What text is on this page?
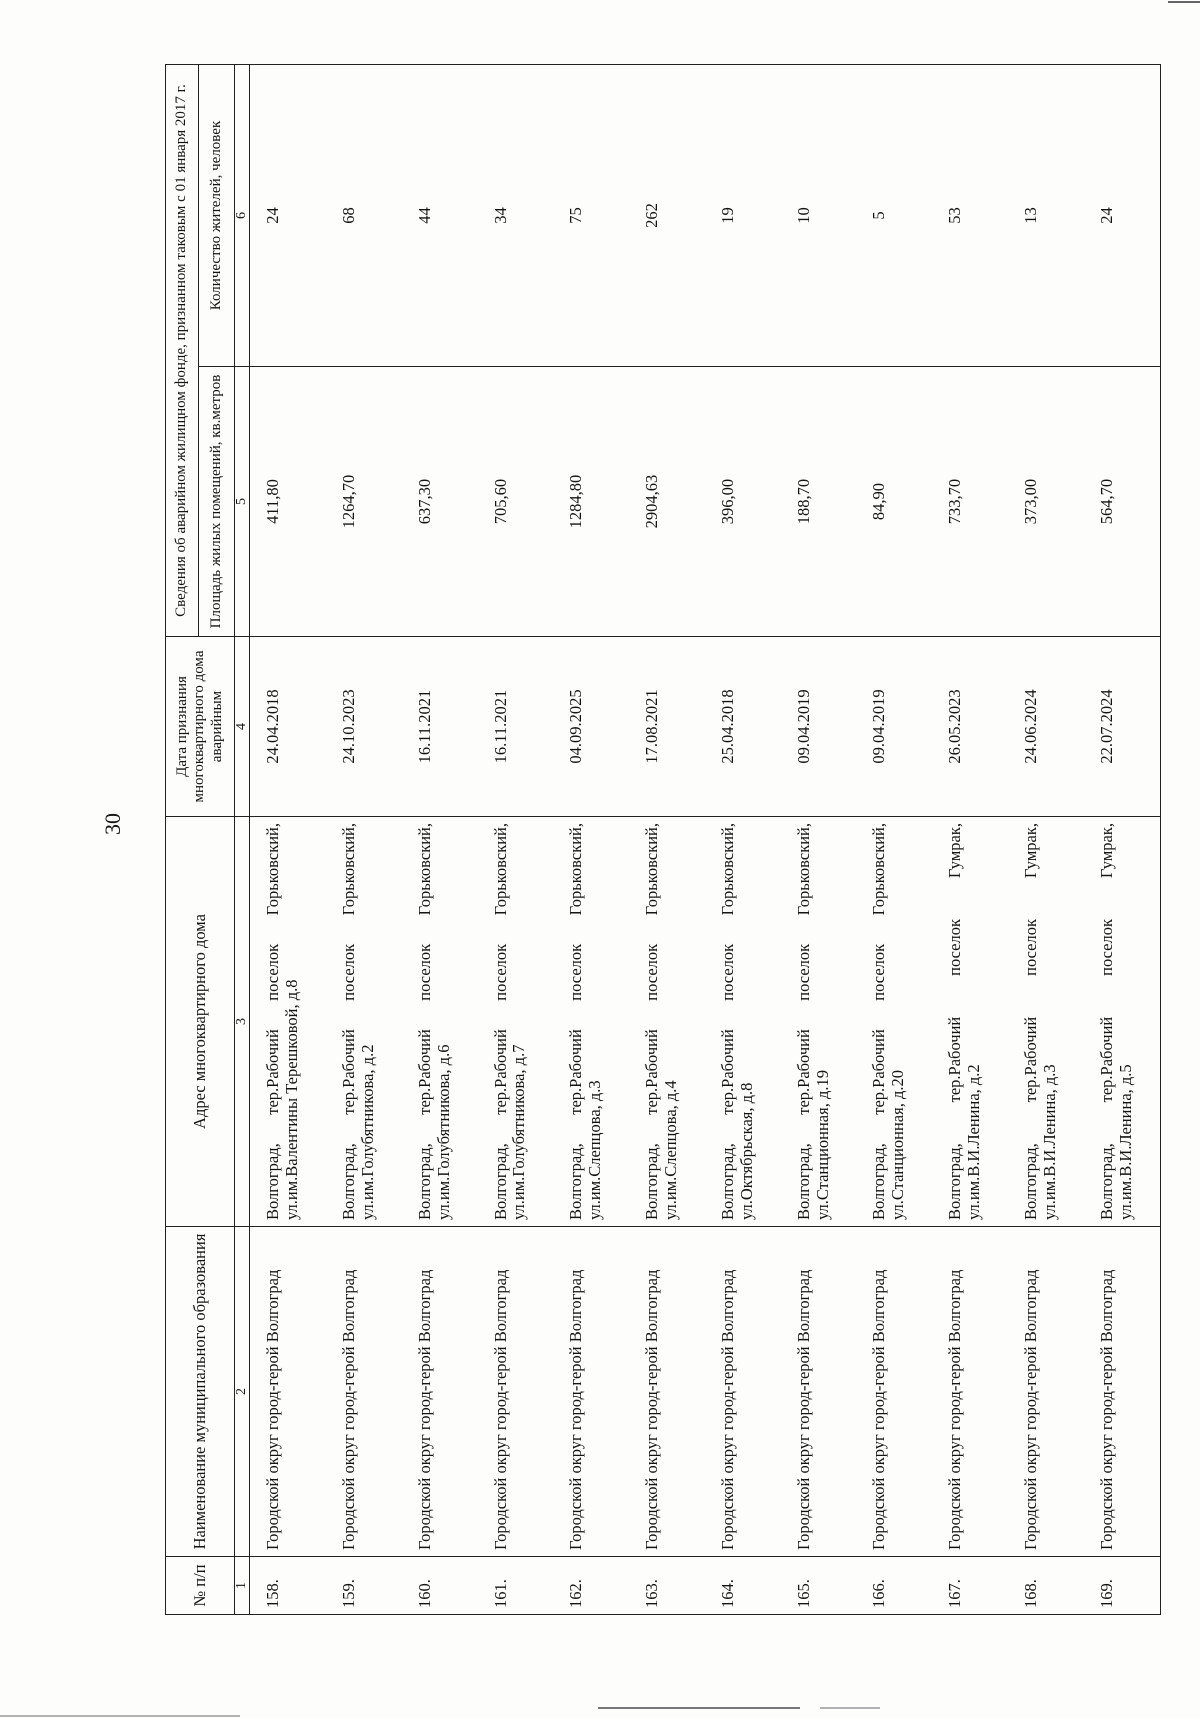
30
№ п/п	Наименование муниципального образования	Адрес многоквартирного дома	Дата признания многоквартирного дома аварийным	Сведения об аварийном жилищном фонде, признанном таковым с 01 января 2017 г.	
				Площадь жилых помещений, кв.метров	Количество жителей, человек
1	2	3	4	5	6
158.	Городской округ город-герой Волгоград	Волгоград, тер.Рабочий поселок Горьковский, ул.им.Валентины Терешковой, д.8	24.04.2018	411,80	24
159.	Городской округ город-герой Волгоград	Волгоград, тер.Рабочий поселок Горьковский, ул.им.Голубятникова, д.2	24.10.2023	1264,70	68
160.	Городской округ город-герой Волгоград	Волгоград, тер.Рабочий поселок Горьковский, ул.им.Голубятникова, д.6	16.11.2021	637,30	44
161.	Городской округ город-герой Волгоград	Волгоград, тер.Рабочий поселок Горьковский, ул.им.Голубятникова, д.7	16.11.2021	705,60	34
162.	Городской округ город-герой Волгоград	Волгоград, тер.Рабочий поселок Горьковский, ул.им.Слепцова, д.3	04.09.2025	1284,80	75
163.	Городской округ город-герой Волгоград	Волгоград, тер.Рабочий поселок Горьковский, ул.им.Слепцова, д.4	17.08.2021	2904,63	262
164.	Городской округ город-герой Волгоград	Волгоград, тер.Рабочий поселок Горьковский, ул.Октябрьская, д.8	25.04.2018	396,00	19
165.	Городской округ город-герой Волгоград	Волгоград, тер.Рабочий поселок Горьковский, ул.Станционная, д.19	09.04.2019	188,70	10
166.	Городской округ город-герой Волгоград	Волгоград, тер.Рабочий поселок Горьковский, ул.Станционная, д.20	09.04.2019	84,90	5
167.	Городской округ город-герой Волгоград	Волгоград, тер.Рабочий поселок Гумрак, ул.им.В.И.Ленина, д.2	26.05.2023	733,70	53
168.	Городской округ город-герой Волгоград	Волгоград, тер.Рабочий поселок Гумрак, ул.им.В.И.Ленина, д.3	24.06.2024	373,00	13
169.	Городской округ город-герой Волгоград	Волгоград, тер.Рабочий поселок Гумрак, ул.им.В.И.Ленина, д.5	22.07.2024	564,70	24
